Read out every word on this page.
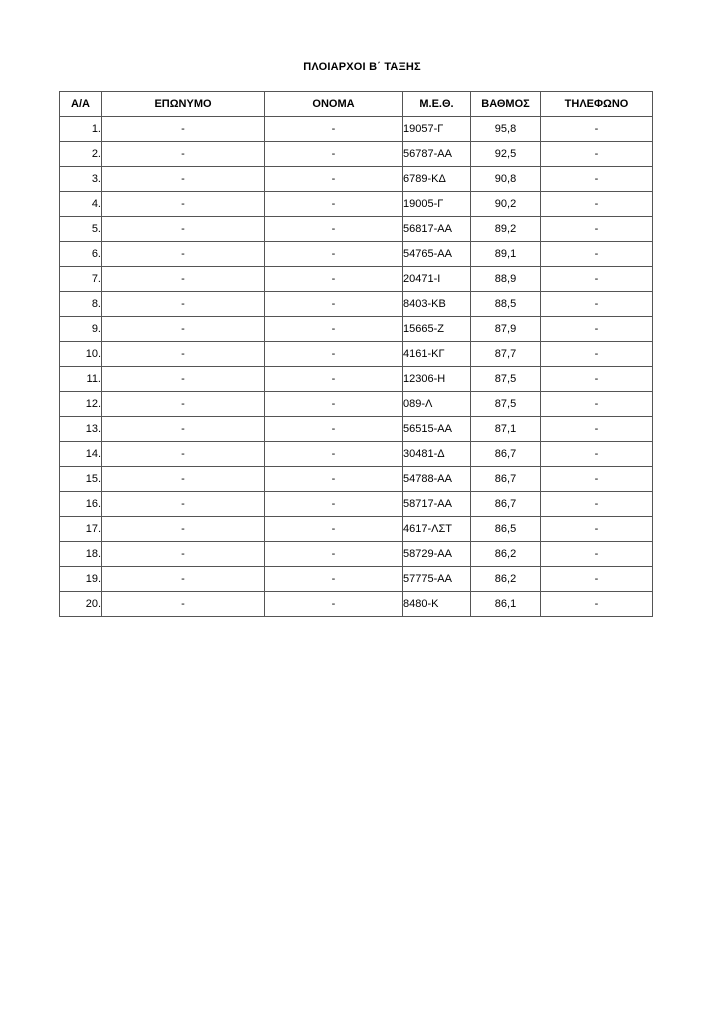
ΠΛΟΙΑΡΧΟΙ Β΄ ΤΑΞΗΣ
Α/Α	ΕΠΩΝΥΜΟ	ΟΝΟΜΑ	Μ.Ε.Θ.	ΒΑΘΜΟΣ	ΤΗΛΕΦΩΝΟ
1.	-	-	19057-Γ	95,8	-
2.	-	-	56787-ΑΑ	92,5	-
3.	-	-	6789-ΚΔ	90,8	-
4.	-	-	19005-Γ	90,2	-
5.	-	-	56817-ΑΑ	89,2	-
6.	-	-	54765-ΑΑ	89,1	-
7.	-	-	20471-Ι	88,9	-
8.	-	-	8403-ΚΒ	88,5	-
9.	-	-	15665-Ζ	87,9	-
10.	-	-	4161-ΚΓ	87,7	-
11.	-	-	12306-Η	87,5	-
12.	-	-	089-Λ	87,5	-
13.	-	-	56515-ΑΑ	87,1	-
14.	-	-	30481-Δ	86,7	-
15.	-	-	54788-ΑΑ	86,7	-
16.	-	-	58717-ΑΑ	86,7	-
17.	-	-	4617-ΛΣΤ	86,5	-
18.	-	-	58729-ΑΑ	86,2	-
19.	-	-	57775-ΑΑ	86,2	-
20.	-	-	8480-Κ	86,1	-
